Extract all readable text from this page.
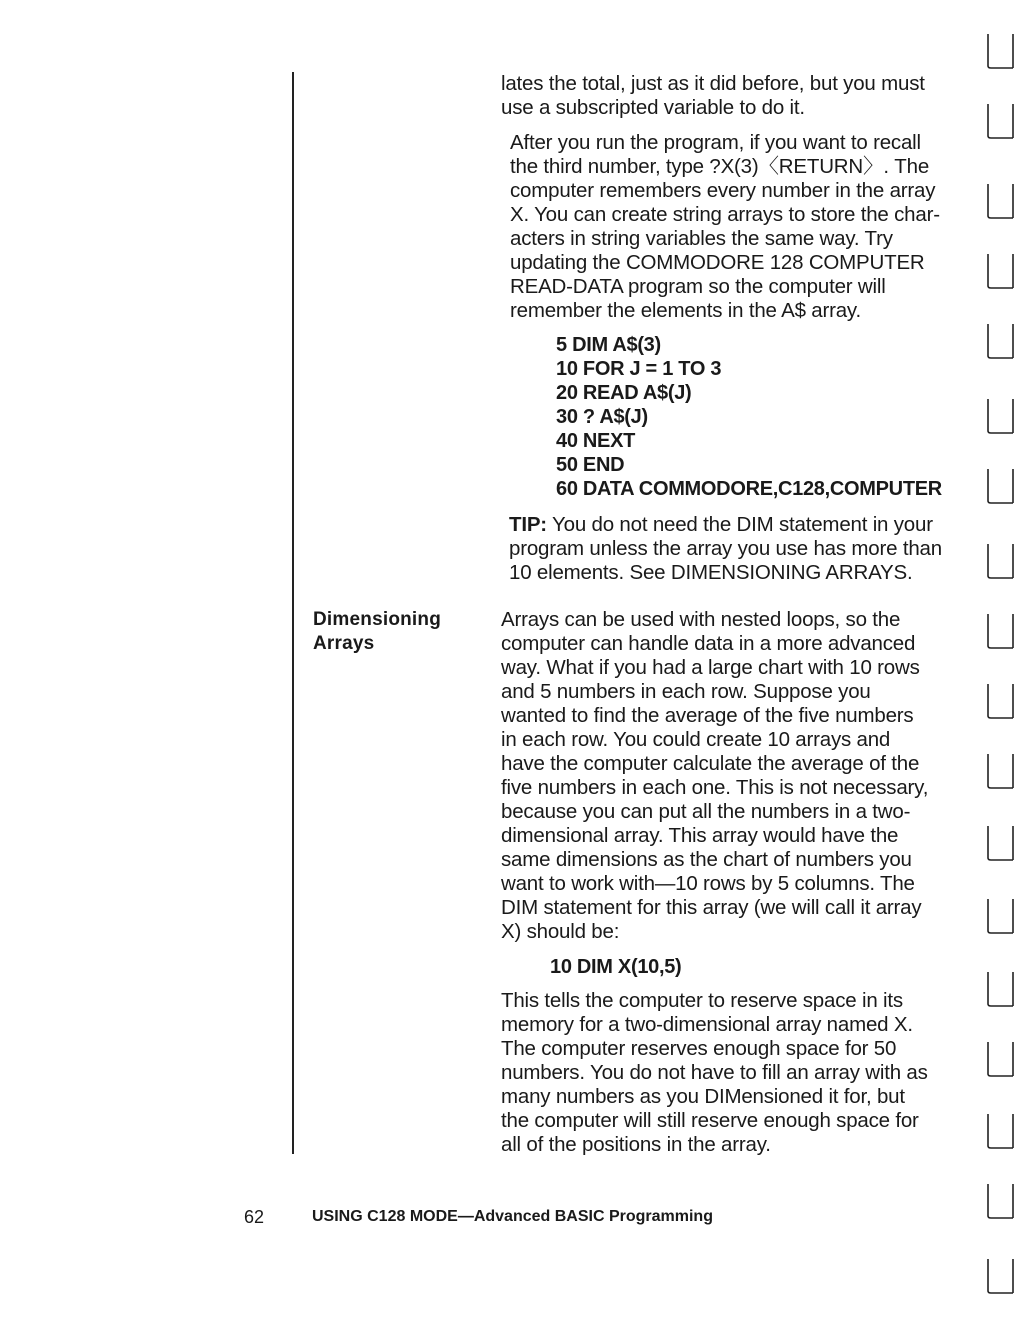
lates the total, just as it did before, but you must
use a subscripted variable to do it.
After you run the program, if you want to recall
the third number, type ?X(3)〈RETURN〉. The
computer remembers every number in the array
X. You can create string arrays to store the char-
acters in string variables the same way. Try
updating the COMMODORE 128 COMPUTER
READ-DATA program so the computer will
remember the elements in the A$ array.
5 DIM A$(3)
10 FOR J = 1 TO 3
20 READ A$(J)
30 ? A$(J)
40 NEXT
50 END
60 DATA COMMODORE,C128,COMPUTER
TIP: You do not need the DIM statement in your
program unless the array you use has more than
10 elements. See DIMENSIONING ARRAYS.
Dimensioning
Arrays
Arrays can be used with nested loops, so the
computer can handle data in a more advanced
way. What if you had a large chart with 10 rows
and 5 numbers in each row. Suppose you
wanted to find the average of the five numbers
in each row. You could create 10 arrays and
have the computer calculate the average of the
five numbers in each one. This is not necessary,
because you can put all the numbers in a two-
dimensional array. This array would have the
same dimensions as the chart of numbers you
want to work with—10 rows by 5 columns. The
DIM statement for this array (we will call it array
X) should be:
10 DIM X(10,5)
This tells the computer to reserve space in its
memory for a two-dimensional array named X.
The computer reserves enough space for 50
numbers. You do not have to fill an array with as
many numbers as you DIMensioned it for, but
the computer will still reserve enough space for
all of the positions in the array.
62	USING C128 MODE—Advanced BASIC Programming
